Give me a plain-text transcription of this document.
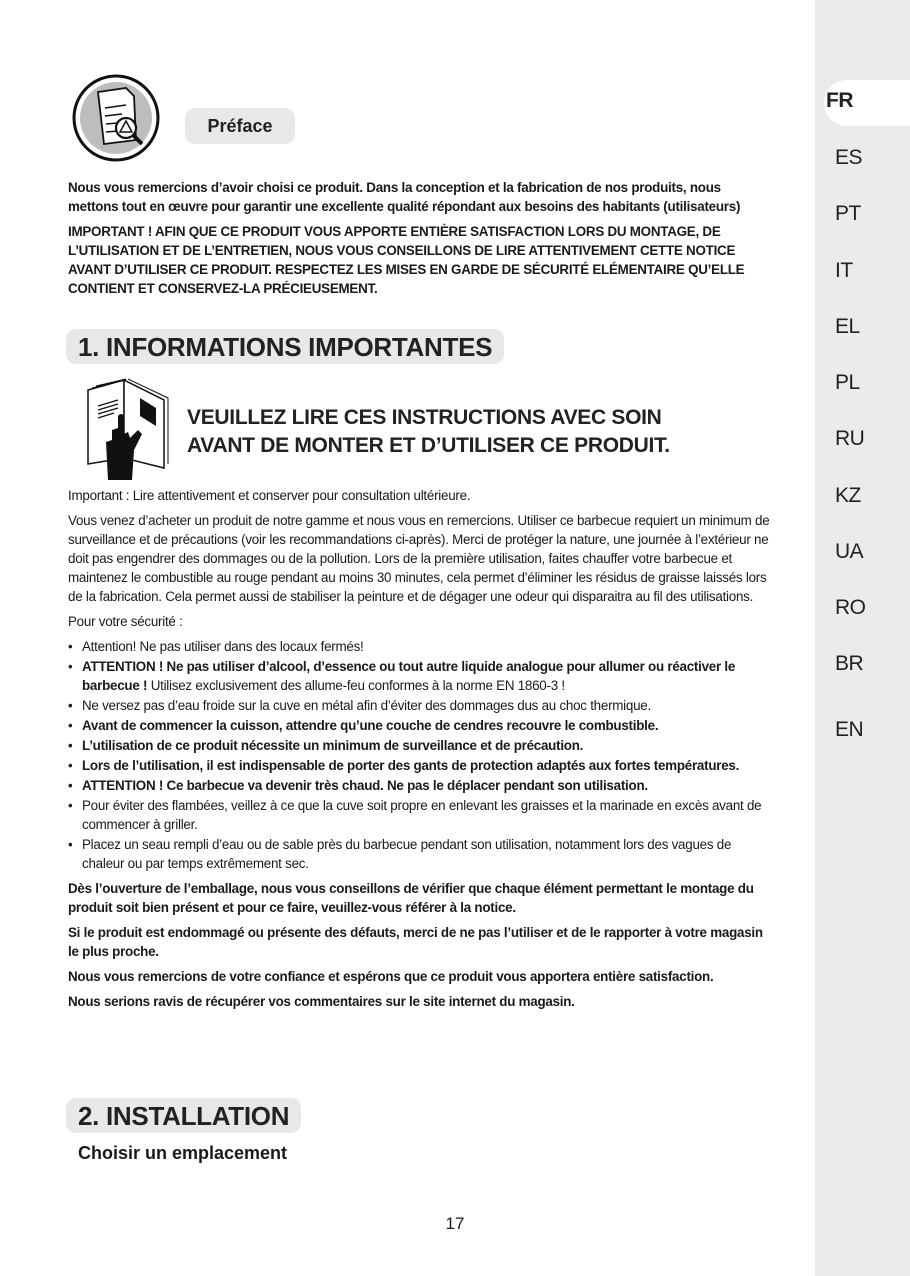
FR
ES
PT
IT
EL
PL
RU
KZ
UA
RO
BR
EN
Préface

Nous vous remercions d’avoir choisi ce produit. Dans la conception et la fabrication de nos produits, nous mettons tout en œuvre pour garantir une excellente qualité répondant aux besoins des habitants (utilisateurs)

IMPORTANT ! AFIN QUE CE PRODUIT VOUS APPORTE ENTIÈRE SATISFACTION LORS DU MONTAGE, DE L’UTILISATION ET DE L’ENTRETIEN, NOUS VOUS CONSEILLONS DE LIRE ATTENTIVEMENT CETTE NOTICE AVANT D’UTILISER CE PRODUIT. RESPECTEZ LES MISES EN GARDE DE SÉCURITÉ ELÉMENTAIRE QU’ELLE CONTIENT ET CONSERVEZ-LA PRÉCIEUSEMENT.

1. INFORMATIONS IMPORTANTES
VEUILLEZ LIRE CES INSTRUCTIONS AVEC SOIN
AVANT DE MONTER ET D’UTILISER CE PRODUIT.

Important : Lire attentivement et conserver pour consultation ultérieure.

Vous venez d’acheter un produit de notre gamme et nous vous en remercions. Utiliser ce barbecue requiert un minimum de surveillance et de précautions (voir les recommandations ci-après). Merci de protéger la nature, une journée à l’extérieur ne doit pas engendrer des dommages ou de la pollution. Lors de la première utilisation, faites chauffer votre barbecue et maintenez le combustible au rouge pendant au moins 30 minutes, cela permet d’éliminer les résidus de graisse laissés lors de la fabrication. Cela permet aussi de stabiliser la peinture et de dégager une odeur qui disparaitra au fil des utilisations.

Pour votre sécurité :

• Attention! Ne pas utiliser dans des locaux fermés!
• ATTENTION ! Ne pas utiliser d’alcool, d’essence ou tout autre liquide analogue pour allumer ou réactiver le barbecue ! Utilisez exclusivement des allume-feu conformes à la norme EN 1860-3 !
• Ne versez pas d’eau froide sur la cuve en métal afin d’éviter des dommages dus au choc thermique.
• Avant de commencer la cuisson, attendre qu’une couche de cendres recouvre le combustible.
• L’utilisation de ce produit nécessite un minimum de surveillance et de précaution.
• Lors de l’utilisation, il est indispensable de porter des gants de protection adaptés aux fortes températures.
• ATTENTION ! Ce barbecue va devenir très chaud. Ne pas le déplacer pendant son utilisation.
• Pour éviter des flambées, veillez à ce que la cuve soit propre en enlevant les graisses et la marinade en excès avant de commencer à griller.
• Placez un seau rempli d’eau ou de sable près du barbecue pendant son utilisation, notamment lors des vagues de chaleur ou par temps extrêmement sec.

Dès l’ouverture de l’emballage, nous vous conseillons de vérifier que chaque élément permettant le montage du produit soit bien présent et pour ce faire, veuillez-vous référer à la notice.

Si le produit est endommagé ou présente des défauts, merci de ne pas l’utiliser et de le rapporter à votre magasin le plus proche.

Nous vous remercions de votre confiance et espérons que ce produit vous apportera entière satisfaction.

Nous serions ravis de récupérer vos commentaires sur le site internet du magasin.

2. INSTALLATION
Choisir un emplacement
17
